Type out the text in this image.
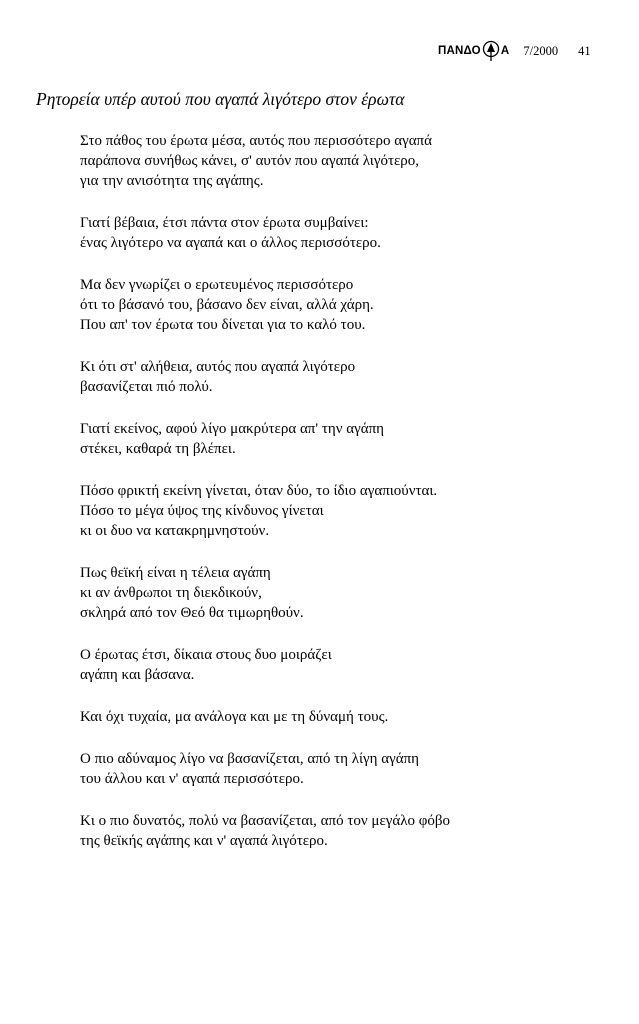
ΠΑΝΔΟ Α 7/2000 41
Ρητορεία υπέρ αυτού που αγαπά λιγότερο στον έρωτα
Στο πάθος του έρωτα μέσα, αυτός που περισσότερο αγαπά
παράπονα συνήθως κάνει, σ' αυτόν που αγαπά λιγότερο,
για την ανισότητα της αγάπης.
Γιατί βέβαια, έτσι πάντα στον έρωτα συμβαίνει:
ένας λιγότερο να αγαπά και ο άλλος περισσότερο.
Μα δεν γνωρίζει ο ερωτευμένος περισσότερο
ότι το βάσανό του, βάσανο δεν είναι, αλλά χάρη.
Που απ' τον έρωτα του δίνεται για το καλό του.
Κι ότι στ' αλήθεια, αυτός που αγαπά λιγότερο
βασανίζεται πιό πολύ.
Γιατί εκείνος, αφού λίγο μακρύτερα απ' την αγάπη
στέκει, καθαρά τη βλέπει.
Πόσο φρικτή εκείνη γίνεται, όταν δύο, το ίδιο αγαπιούνται.
Πόσο το μέγα ύψος της κίνδυνος γίνεται
κι οι δυο να κατακρημνηστούν.
Πως θεϊκή είναι η τέλεια αγάπη
κι αν άνθρωποι τη διεκδικούν,
σκληρά από τον Θεό θα τιμωρηθούν.
Ο έρωτας έτσι, δίκαια στους δυο μοιράζει
αγάπη και βάσανα.
Και όχι τυχαία, μα ανάλογα και με τη δύναμή τους.
Ο πιο αδύναμος λίγο να βασανίζεται, από τη λίγη αγάπη
του άλλου και ν' αγαπά περισσότερο.
Κι ο πιο δυνατός, πολύ να βασανίζεται, από τον μεγάλο φόβο
της θεϊκής αγάπης και ν' αγαπά λιγότερο.
